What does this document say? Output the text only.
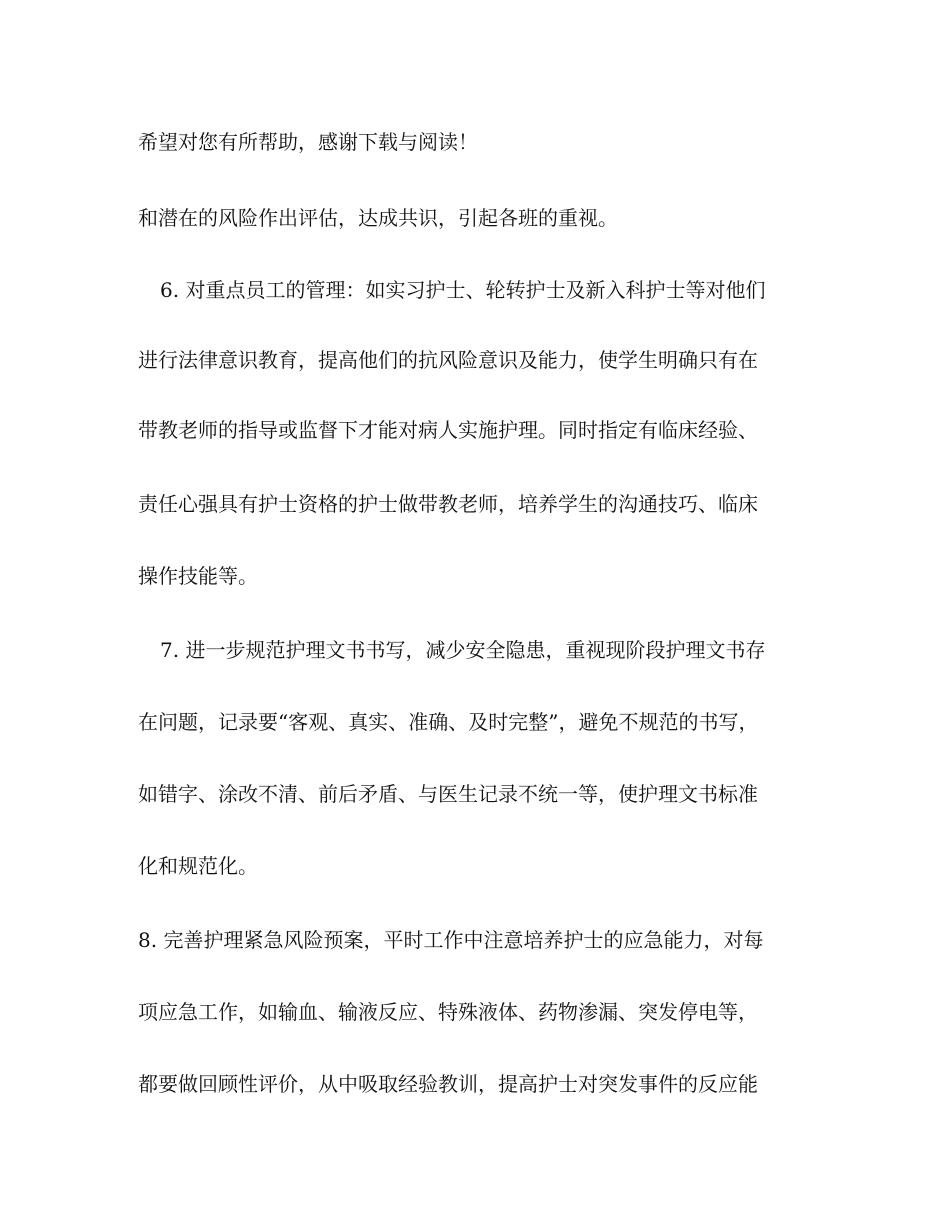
希望对您有所帮助，感谢下载与阅读！
和潜在的风险作出评估，达成共识，引起各班的重视。
6. 对重点员工的管理：如实习护士、轮转护士及新入科护士等对他们
进行法律意识教育，提高他们的抗风险意识及能力，使学生明确只有在
带教老师的指导或监督下才能对病人实施护理。同时指定有临床经验、
责任心强具有护士资格的护士做带教老师，培养学生的沟通技巧、临床
操作技能等。
7. 进一步规范护理文书书写，减少安全隐患，重视现阶段护理文书存
在问题，记录要“客观、真实、准确、及时完整”，避免不规范的书写，
如错字、涂改不清、前后矛盾、与医生记录不统一等，使护理文书标准
化和规范化。
8. 完善护理紧急风险预案，平时工作中注意培养护士的应急能力，对每
项应急工作，如输血、输液反应、特殊液体、药物渗漏、突发停电等，
都要做回顾性评价，从中吸取经验教训，提高护士对突发事件的反应能
